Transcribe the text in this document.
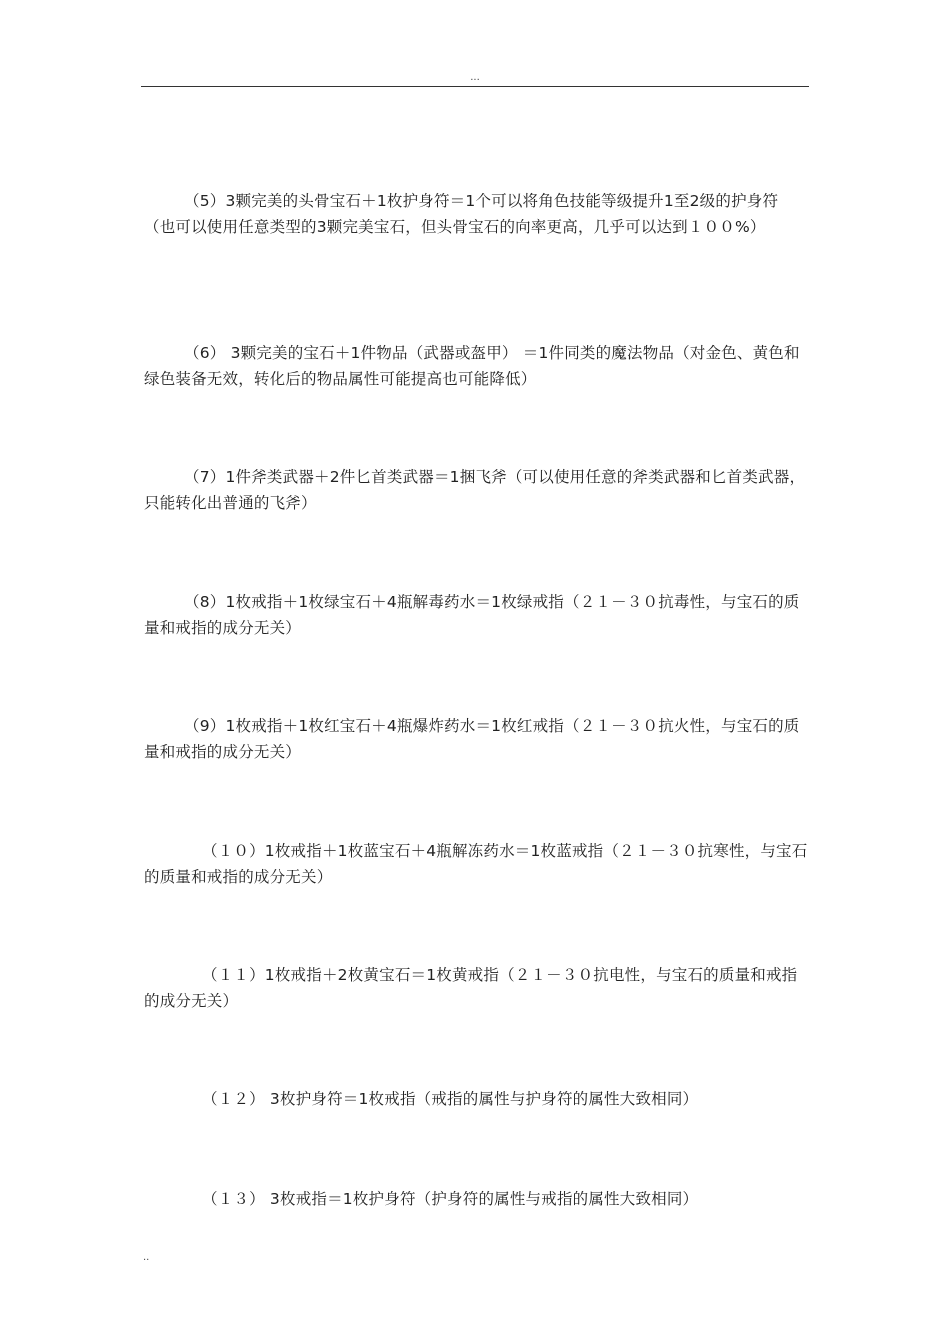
...

（5）3颗完美的头骨宝石＋1枚护身符＝1个可以将角色技能等级提升1至2级的护身符（也可以使用任意类型的3颗完美宝石，但头骨宝石的向率更高，几乎可以达到１００%）

（6） 3颗完美的宝石＋1件物品（武器或盔甲） ＝1件同类的魔法物品（对金色、黄色和绿色装备无效，转化后的物品属性可能提高也可能降低）

（7）1件斧类武器＋2件匕首类武器＝1捆飞斧（可以使用任意的斧类武器和匕首类武器，只能转化出普通的飞斧）

（8）1枚戒指＋1枚绿宝石＋4瓶解毒药水＝1枚绿戒指（２１－３０抗毒性，与宝石的质量和戒指的成分无关）

（9）1枚戒指＋1枚红宝石＋4瓶爆炸药水＝1枚红戒指（２１－３０抗火性，与宝石的质量和戒指的成分无关）

（１０）1枚戒指＋1枚蓝宝石＋4瓶解冻药水＝1枚蓝戒指（２１－３０抗寒性，与宝石的质量和戒指的成分无关）

（１１）1枚戒指＋2枚黄宝石＝1枚黄戒指（２１－３０抗电性，与宝石的质量和戒指的成分无关）

（１２） 3枚护身符＝1枚戒指（戒指的属性与护身符的属性大致相同）

（１３） 3枚戒指＝1枚护身符（护身符的属性与戒指的属性大致相同）

..
